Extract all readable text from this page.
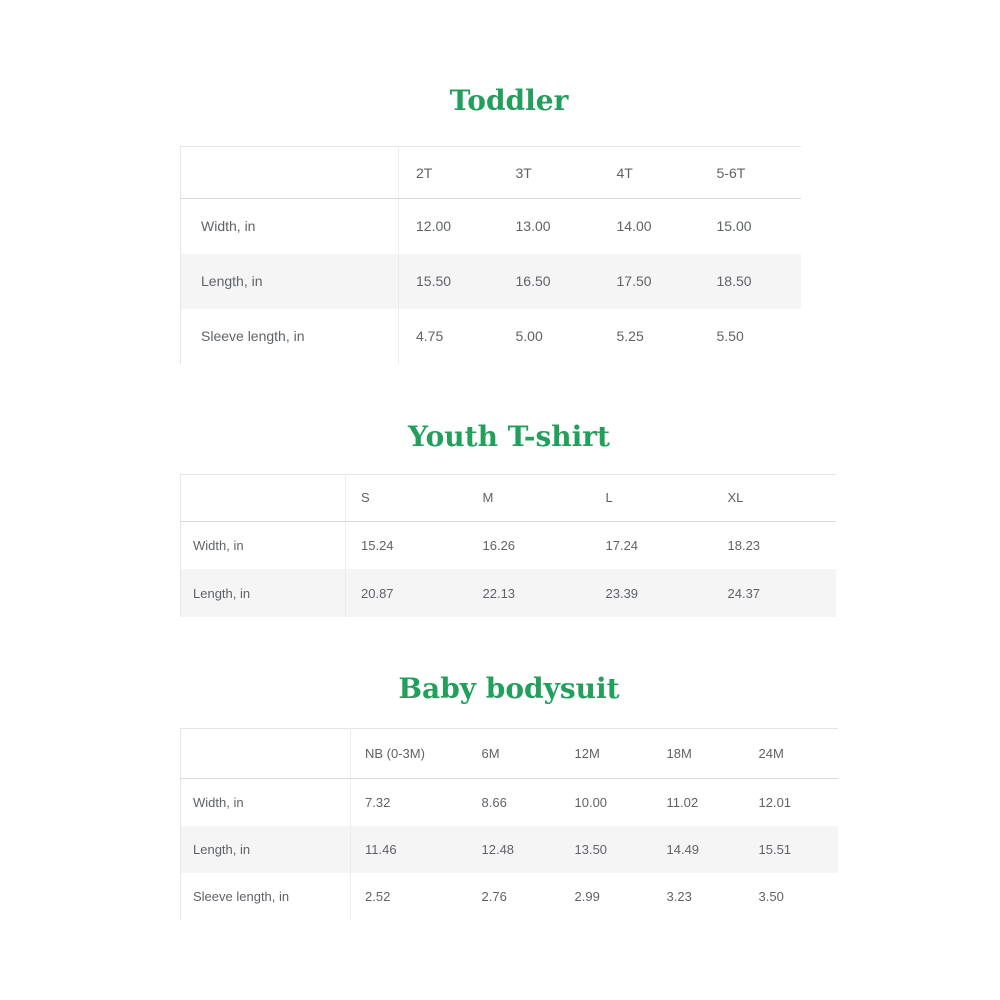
Toddler
	2T	3T	4T	5-6T
Width, in	12.00	13.00	14.00	15.00
Length, in	15.50	16.50	17.50	18.50
Sleeve length, in	4.75	5.00	5.25	5.50
Youth T-shirt
	S	M	L	XL
Width, in	15.24	16.26	17.24	18.23
Length, in	20.87	22.13	23.39	24.37
Baby bodysuit
	NB (0-3M)	6M	12M	18M	24M
Width, in	7.32	8.66	10.00	11.02	12.01
Length, in	11.46	12.48	13.50	14.49	15.51
Sleeve length, in	2.52	2.76	2.99	3.23	3.50
